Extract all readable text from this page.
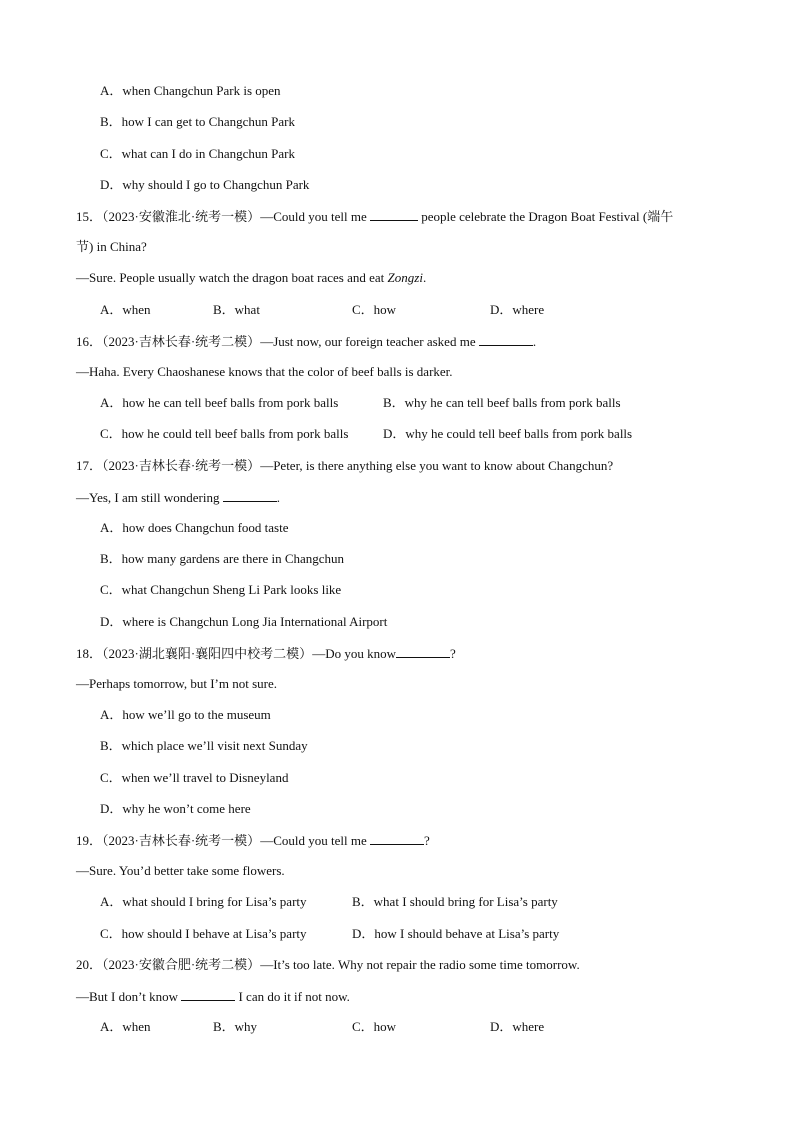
A．when Changchun Park is open
B．how I can get to Changchun Park
C．what can I do in Changchun Park
D．why should I go to Changchun Park
15．（2023·安徽淮北·统考一模）—Could you tell me	people celebrate the Dragon Boat Festival (端午
节) in China?
—Sure. People usually watch the dragon boat races and eat Zongzi.
A．when	B．what	C．how	D．where
16．（2023·吉林长春·统考二模）—Just now, our foreign teacher asked me	.
—Haha. Every Chaoshanese knows that the color of beef balls is darker.
A．how he can tell beef balls from pork balls	B．why he can tell beef balls from pork balls
C．how he could tell beef balls from pork balls	D．why he could tell beef balls from pork balls
17．（2023·吉林长春·统考一模）—Peter, is there anything else you want to know about Changchun?
—Yes, I am still wondering	.
A．how does Changchun food taste
B．how many gardens are there in Changchun
C．what Changchun Sheng Li Park looks like
D．where is Changchun Long Jia International Airport
18．（2023·湖北襄阳·襄阳四中校考二模）—Do you know	?
—Perhaps tomorrow, but I’m not sure.
A．how we’ll go to the museum
B．which place we’ll visit next Sunday
C．when we’ll travel to Disneyland
D．why he won’t come here
19．（2023·吉林长春·统考一模）—Could you tell me	?
—Sure. You’d better take some flowers.
A．what should I bring for Lisa’s party	B．what I should bring for Lisa’s party
C．how should I behave at Lisa’s party	D．how I should behave at Lisa’s party
20．（2023·安徽合肥·统考二模）—It’s too late. Why not repair the radio some time tomorrow.
—But I don’t know	I can do it if not now.
A．when	B．why	C．how	D．where
